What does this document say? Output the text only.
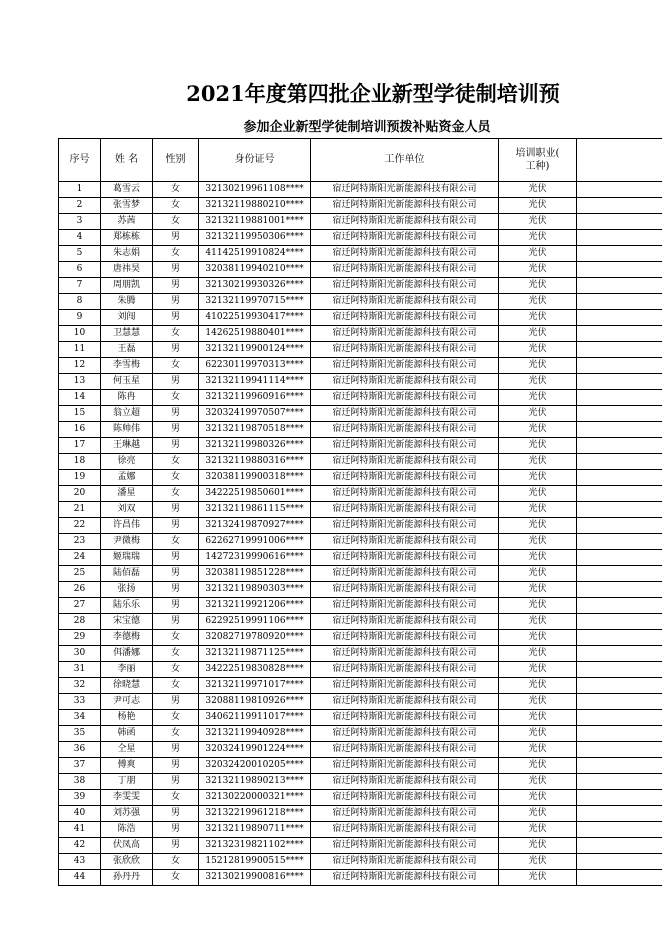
2021年度第四批企业新型学徒制培训预
参加企业新型学徒制培训预拨补贴资金人员
序号	姓 名	性别	身份证号	工作单位	培训职业(
工种)	

1	葛雪云	女	32130219961108****	宿迁阿特斯阳光新能源科技有限公司	光伏	
2	张雪梦	女	32132119880210****	宿迁阿特斯阳光新能源科技有限公司	光伏	
3	苏茜	女	32132119881001****	宿迁阿特斯阳光新能源科技有限公司	光伏	
4	郑栋栋	男	32132119950306****	宿迁阿特斯阳光新能源科技有限公司	光伏	
5	朱志娟	女	41142519910824****	宿迁阿特斯阳光新能源科技有限公司	光伏	
6	唐祎昊	男	32038119940210****	宿迁阿特斯阳光新能源科技有限公司	光伏	
7	周朋凯	男	32130219930326****	宿迁阿特斯阳光新能源科技有限公司	光伏	
8	朱腾	男	32132119970715****	宿迁阿特斯阳光新能源科技有限公司	光伏	
9	刘闯	男	41022519930417****	宿迁阿特斯阳光新能源科技有限公司	光伏	
10	卫慧慧	女	14262519880401****	宿迁阿特斯阳光新能源科技有限公司	光伏	
11	王磊	男	32132119900124****	宿迁阿特斯阳光新能源科技有限公司	光伏	
12	李雪梅	女	62230119970313****	宿迁阿特斯阳光新能源科技有限公司	光伏	
13	何玉星	男	32132119941114****	宿迁阿特斯阳光新能源科技有限公司	光伏	
14	陈冉	女	32132119960916****	宿迁阿特斯阳光新能源科技有限公司	光伏	
15	翁立超	男	32032419970507****	宿迁阿特斯阳光新能源科技有限公司	光伏	
16	陈帅伟	男	32132119870518****	宿迁阿特斯阳光新能源科技有限公司	光伏	
17	王琳越	男	32132119980326****	宿迁阿特斯阳光新能源科技有限公司	光伏	
18	徐亮	女	32132119880316****	宿迁阿特斯阳光新能源科技有限公司	光伏	
19	孟娜	女	32038119900318****	宿迁阿特斯阳光新能源科技有限公司	光伏	
20	潘星	女	34222519850601****	宿迁阿特斯阳光新能源科技有限公司	光伏	
21	刘双	男	32132119861115****	宿迁阿特斯阳光新能源科技有限公司	光伏	
22	许昌伟	男	32132419870927****	宿迁阿特斯阳光新能源科技有限公司	光伏	
23	尹微梅	女	62262719991006****	宿迁阿特斯阳光新能源科技有限公司	光伏	
24	姬瑞瑞	男	14272319990616****	宿迁阿特斯阳光新能源科技有限公司	光伏	
25	陆佰磊	男	32038119851228****	宿迁阿特斯阳光新能源科技有限公司	光伏	
26	张扬	男	32132119890303****	宿迁阿特斯阳光新能源科技有限公司	光伏	
27	陆乐乐	男	32132119921206****	宿迁阿特斯阳光新能源科技有限公司	光伏	
28	宋宝德	男	62292519991106****	宿迁阿特斯阳光新能源科技有限公司	光伏	
29	李德梅	女	32082719780920****	宿迁阿特斯阳光新能源科技有限公司	光伏	
30	佴潘娜	女	32132119871125****	宿迁阿特斯阳光新能源科技有限公司	光伏	
31	李丽	女	34222519830828****	宿迁阿特斯阳光新能源科技有限公司	光伏	
32	徐晓慧	女	32132119971017****	宿迁阿特斯阳光新能源科技有限公司	光伏	
33	尹可志	男	32088119810926****	宿迁阿特斯阳光新能源科技有限公司	光伏	
34	杨艳	女	34062119911017****	宿迁阿特斯阳光新能源科技有限公司	光伏	
35	韩函	女	32132119940928****	宿迁阿特斯阳光新能源科技有限公司	光伏	
36	仝星	男	32032419901224****	宿迁阿特斯阳光新能源科技有限公司	光伏	
37	傅爽	男	32032420010205****	宿迁阿特斯阳光新能源科技有限公司	光伏	
38	丁朋	男	32132119890213****	宿迁阿特斯阳光新能源科技有限公司	光伏	
39	李雯雯	女	32130220000321****	宿迁阿特斯阳光新能源科技有限公司	光伏	
40	刘苏强	男	32132219961218****	宿迁阿特斯阳光新能源科技有限公司	光伏	
41	陈浩	男	32132119890711****	宿迁阿特斯阳光新能源科技有限公司	光伏	
42	伏凤高	男	32132319821102****	宿迁阿特斯阳光新能源科技有限公司	光伏	
43	张欣欣	女	15212819900515****	宿迁阿特斯阳光新能源科技有限公司	光伏	
44	孙丹丹	女	32130219900816****	宿迁阿特斯阳光新能源科技有限公司	光伏	
